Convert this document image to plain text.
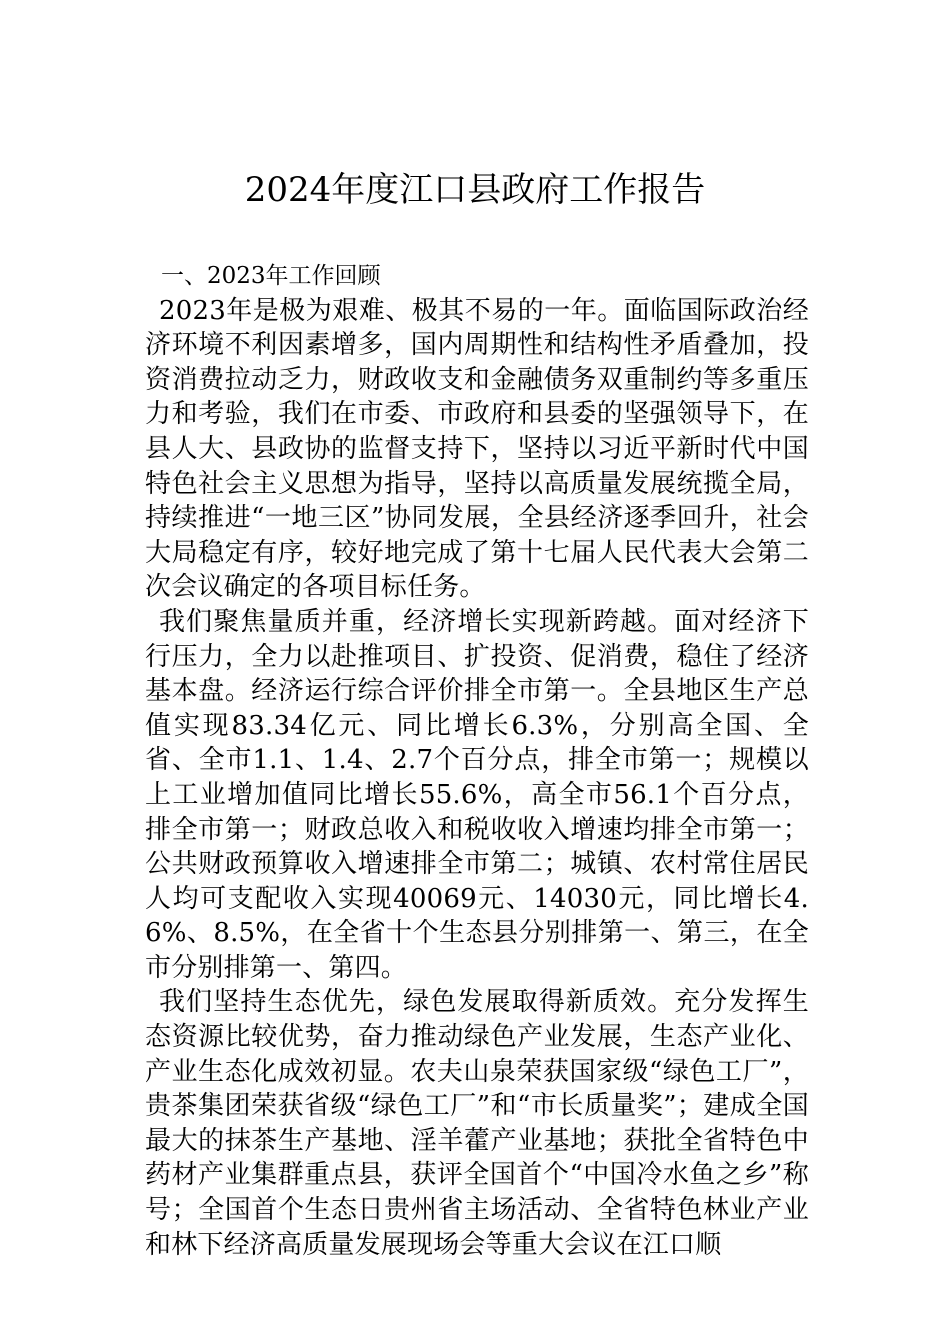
2024年度江口县政府工作报告
一、2023年工作回顾

2023年是极为艰难、极其不易的一年。面临国际政治经济环境不利因素增多，国内周期性和结构性矛盾叠加，投资消费拉动乏力，财政收支和金融债务双重制约等多重压力和考验，我们在市委、市政府和县委的坚强领导下，在县人大、县政协的监督支持下，坚持以习近平新时代中国特色社会主义思想为指导，坚持以高质量发展统揽全局，持续推进“一地三区”协同发展，全县经济逐季回升，社会大局稳定有序，较好地完成了第十七届人民代表大会第二次会议确定的各项目标任务。

我们聚焦量质并重，经济增长实现新跨越。面对经济下行压力，全力以赴推项目、扩投资、促消费，稳住了经济基本盘。经济运行综合评价排全市第一。全县地区生产总值实现83.34亿元、同比增长6.3%，分别高全国、全省、全市1.1、1.4、2.7个百分点，排全市第一；规模以上工业增加值同比增长55.6%，高全市56.1个百分点，排全市第一；财政总收入和税收收入增速均排全市第一；公共财政预算收入增速排全市第二；城镇、农村常住居民人均可支配收入实现40069元、14030元，同比增长4.6%、8.5%，在全省十个生态县分别排第一、第三，在全市分别排第一、第四。

我们坚持生态优先，绿色发展取得新质效。充分发挥生态资源比较优势，奋力推动绿色产业发展，生态产业化、产业生态化成效初显。农夫山泉荣获国家级“绿色工厂”，贵茶集团荣获省级“绿色工厂”和“市长质量奖”；建成全国最大的抹茶生产基地、淫羊藿产业基地；获批全省特色中药材产业集群重点县，获评全国首个“中国冷水鱼之乡”称号；全国首个生态日贵州省主场活动、全省特色林业产业和林下经济高质量发展现场会等重大会议在江口顺
